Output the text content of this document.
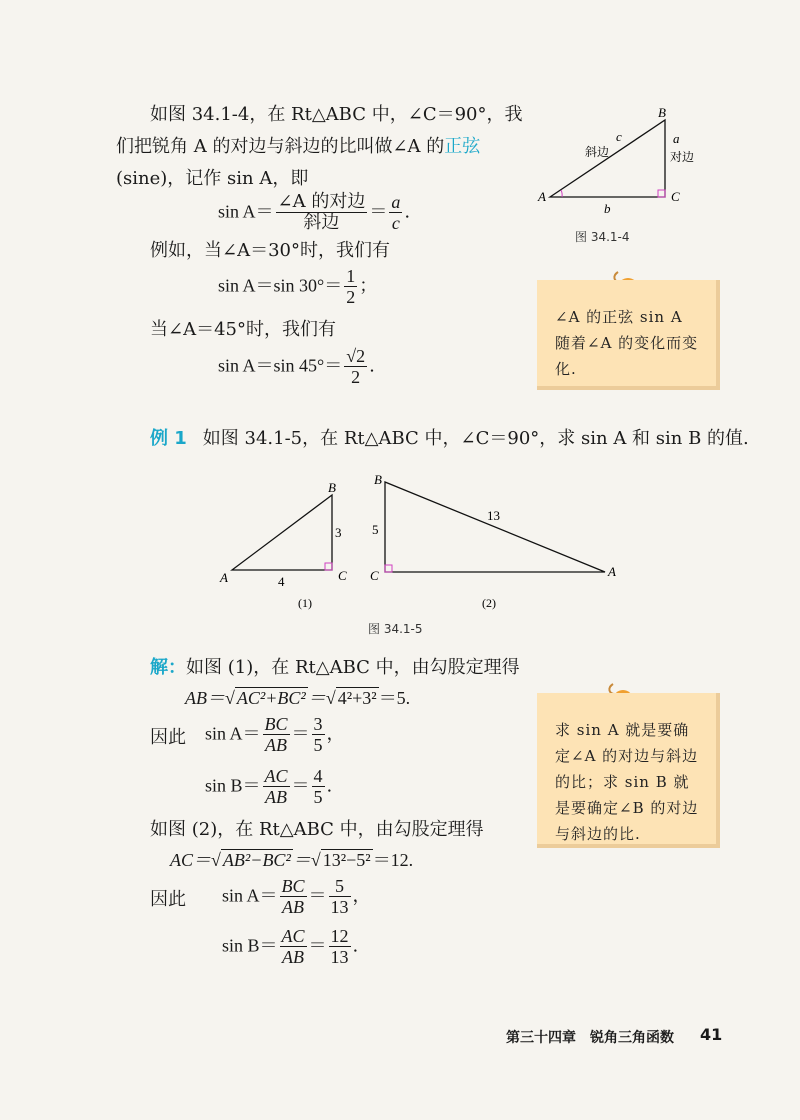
如图 34.1-4，在 Rt△ABC 中，∠C＝90°，我
们把锐角 A 的对边与斜边的比叫做∠A 的正弦
(sine)，记作 sin A，即
$\sin A= \frac{\text{∠A 的对边}}{\text{斜边}} = \frac{a}{c}$ .
例如，当∠A＝30°时，我们有
sin A＝sin $30^\circ= \frac{1}{2}$ ；
当∠A＝45°时，我们有
sin A＝sin $45^\circ= \frac{√2}{2}$ .
A
B
C
a
对边
c
斜边
b
图 34.1-4
∠A 的正弦 sin A 随着∠A 的变化而变化.
例 1 如图 34.1-5，在 Rt△ABC 中，∠C＝90°，求 sin A 和 sin B 的值.
A
B
C
3
4
(1)
B
C	A
5
13
(2)
图 34.1-5
解：如图 (1)，在 Rt△ABC 中，由勾股定理得
AB＝√ AC²+BC² ＝√ 4²+3² ＝5.
因此 $\sin A= \frac{BC}{AB} = \frac{3}{5}$ ，
$\sin B= \frac{AC}{AB} = \frac{4}{5}$ .
如图 (2)，在 Rt△ABC 中，由勾股定理得
AC＝√ AB²−BC² ＝√ 13²−5² ＝12.
因此 $\sin A= \frac{BC}{AB} = \frac{5}{13}$ ，
$\sin B= \frac{AC}{AB} = \frac{12}{13}$ .
求 sin A 就是要确定∠A 的对边与斜边的比；求 sin B 就是要确定∠B 的对边与斜边的比.
第三十四章　锐角三角函数 41
